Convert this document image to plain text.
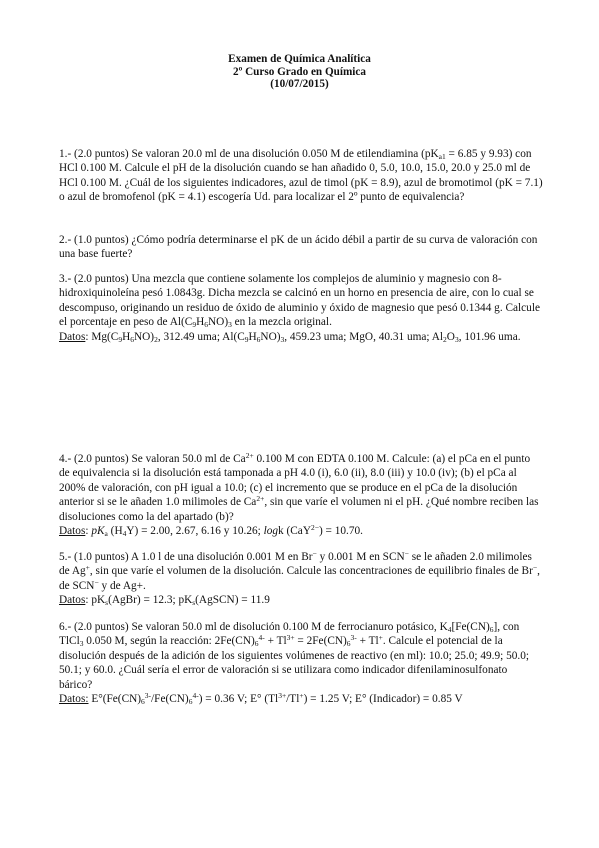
Examen de Química Analítica
2º Curso Grado en Química
(10/07/2015)

1.- (2.0 puntos) Se valoran 20.0 ml de una disolución 0.050 M de etilendiamina ($pK_{a1} = 6.85$ y 9.93) con HCl 0.100 M. Calcule el pH de la disolución cuando se han añadido 0, 5.0, 10.0, 15.0, 20.0 y 25.0 ml de HCl 0.100 M. ¿Cuál de los siguientes indicadores, azul de timol (pK = 8.9), azul de bromotimol (pK = 7.1) o azul de bromofenol (pK = 4.1) escogería Ud. para localizar el 2º punto de equivalencia?

2.- (1.0 puntos) ¿Cómo podría determinarse el pK de un ácido débil a partir de su curva de valoración con una base fuerte?

3.- (2.0 puntos) Una mezcla que contiene solamente los complejos de aluminio y magnesio con 8-hidroxiquinoleína pesó 1.0843g. Dicha mezcla se calcinó en un horno en presencia de aire, con lo cual se descompuso, originando un residuo de óxido de aluminio y óxido de magnesio que pesó 0.1344 g. Calcule el porcentaje en peso de $Al(C_9H_6NO)_3$ en la mezcla original.

Datos: $Mg(C_9H_6NO)_2$, 312.49 uma; $Al(C_9H_6NO)_3$, 459.23 uma; MgO, 40.31 uma; $Al_2O_3$, 101.96 uma.

4.- (2.0 puntos) Se valoran 50.0 ml de $Ca^{2+}$ 0.100 M con EDTA 0.100 M. Calcule: (a) el pCa en el punto de equivalencia si la disolución está tamponada a pH 4.0 (i), 6.0 (ii), 8.0 (iii) y 10.0 (iv); (b) el pCa al 200% de valoración, con pH igual a 10.0; (c) el incremento que se produce en el pCa de la disolución anterior si se le añaden 1.0 milimoles de $Ca^{2+}$, sin que varíe el volumen ni el pH. ¿Qué nombre reciben las disoluciones como la del apartado (b)?

Datos: $pK_a$ $(H_4Y) = 2.00$, 2.67, 6.16 y 10.26; logk (CaY$^{2-}$) = 10.70.

5.- (1.0 puntos) A 1.0 l de una disolución 0.001 M en Br− y 0.001 M en SCN− se le añaden 2.0 milimoles de Ag+, sin que varíe el volumen de la disolución. Calcule las concentraciones de equilibrio finales de Br−, de SCN− y de Ag+.

Datos: $pK_s(AgBr) = 12.3$; $pK_s(AgSCN) = 11.9$

6.- (2.0 puntos) Se valoran 50.0 ml de disolución 0.100 M de ferrocianuro potásico, $K_4[Fe(CN)_6]$, con TlCl$_3$ 0.050 M, según la reacción: $2Fe(CN)_6^{4-} + Tl^{3+} = 2Fe(CN)_6^{3-} + Tl^+$. Calcule el potencial de la disolución después de la adición de los siguientes volúmenes de reactivo (en ml): 10.0; 25.0; 49.9; 50.0; 50.1; y 60.0. ¿Cuál sería el error de valoración si se utilizara como indicador difenilaminosulfonato bárico?

Datos: $E^\circ(Fe(CN)_6^{3-}/Fe(CN)_6^{4-}) = 0.36$ V; E° $(Tl^{3+}/Tl^+) = 1.25$ V; E° (Indicador) = 0.85 V
